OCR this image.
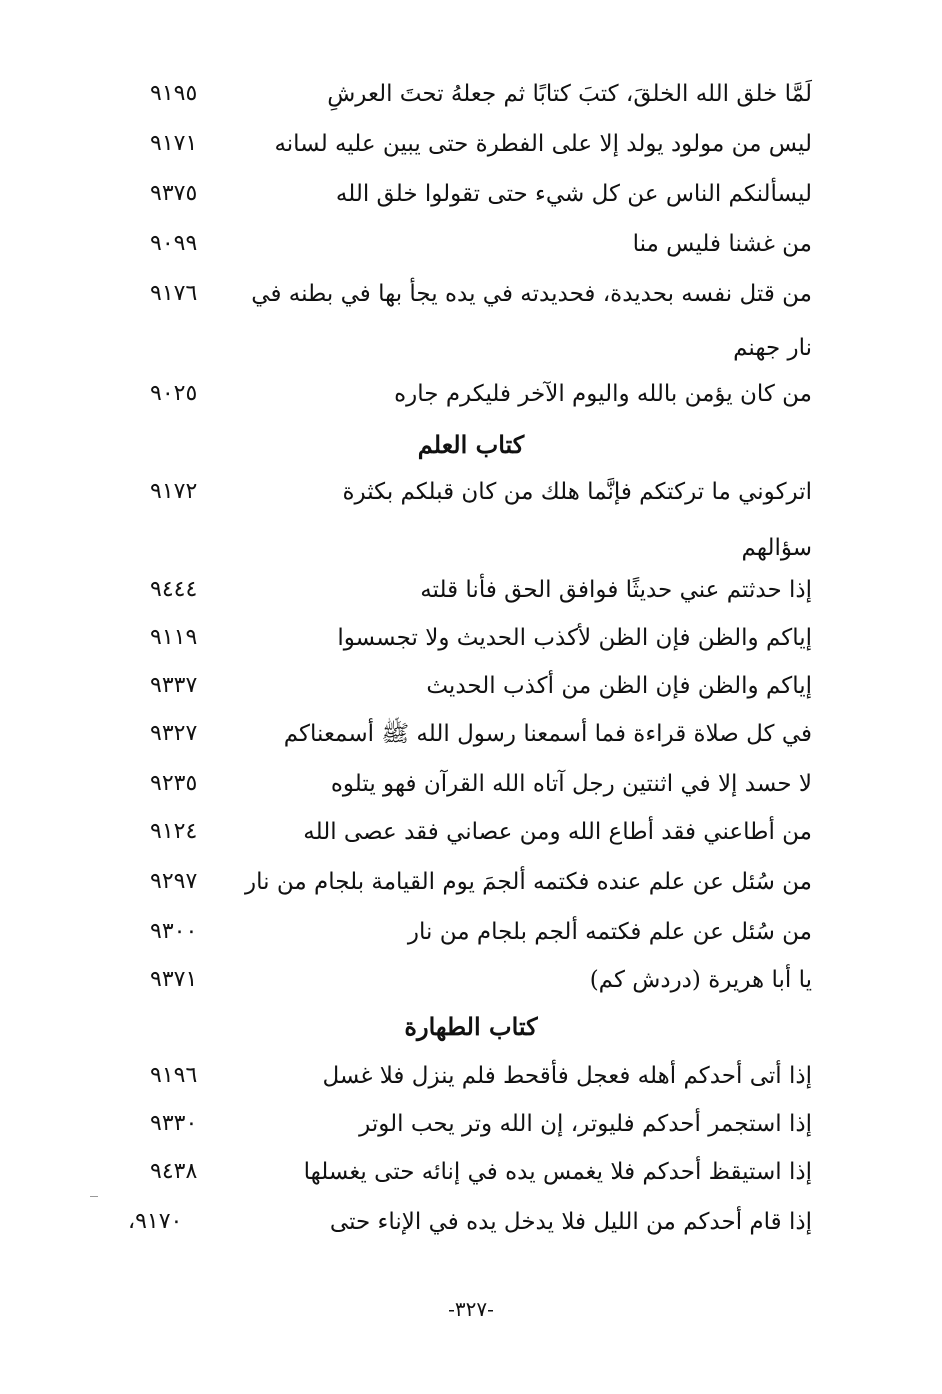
لَمَّا خلق الله الخلقَ، كتبَ كتابًا ثم جعلهُ تحتَ العرشِ
٩١٩٥
ليس من مولود يولد إلا على الفطرة حتى يبين عليه لسانه
٩١٧١
ليسألنكم الناس عن كل شيء حتى تقولوا خلق الله
٩٣٧٥
من غشنا فليس منا
٩٠٩٩
من قتل نفسه بحديدة، فحديدته في يده يجأ بها في بطنه في
نار جهنم
٩١٧٦
من كان يؤمن بالله واليوم الآخر فليكرم جاره
٩٠٢٥
كتاب العلم
اتركوني ما تركتكم فإنَّما هلك من كان قبلكم بكثرة
سؤالهم
٩١٧٢
إذا حدثتم عني حديثًا فوافق الحق فأنا قلته
٩٤٤٤
إياكم والظن فإن الظن لأكذب الحديث ولا تجسسوا
٩١١٩
إياكم والظن فإن الظن من أكذب الحديث
٩٣٣٧
في كل صلاة قراءة فما أسمعنا رسول الله ﷺ أسمعناكم
٩٣٢٧
لا حسد إلا في اثنتين رجل آتاه الله القرآن فهو يتلوه
٩٢٣٥
من أطاعني فقد أطاع الله ومن عصاني فقد عصى الله
٩١٢٤
من سُئل عن علم عنده فكتمه ألجمَ يوم القيامة بلجام من نار
٩٢٩٧
من سُئل عن علم فكتمه ألجم بلجام من نار
٩٣٠٠
يا أبا هريرة (دردش كم)
٩٣٧١
كتاب الطهارة
إذا أتى أحدكم أهله فعجل فأقحط فلم ينزل فلا غسل
٩١٩٦
إذا استجمر أحدكم فليوتر، إن الله وتر يحب الوتر
٩٣٣٠
إذا استيقظ أحدكم فلا يغمس يده في إنائه حتى يغسلها
٩٤٣٨
إذا قام أحدكم من الليل فلا يدخل يده في الإناء حتى
٩١٧٠،
-٣٢٧-
